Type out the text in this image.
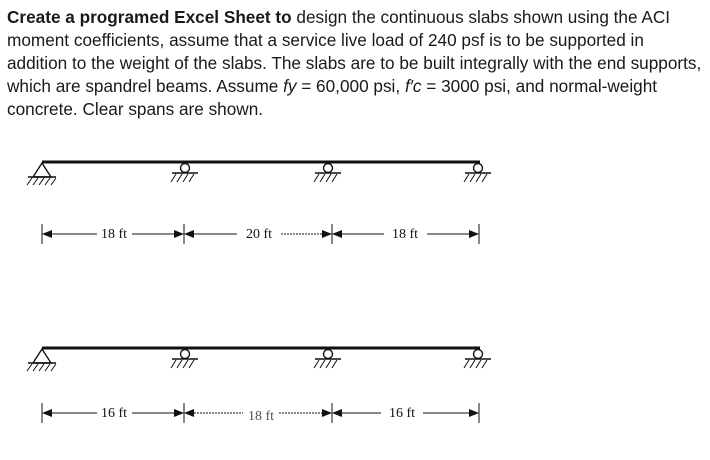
Create a programed Excel Sheet to design the continuous slabs shown using the ACI moment coefficients, assume that a service live load of 240 psf is to be supported in addition to the weight of the slabs. The slabs are to be built integrally with the end supports, which are spandrel beams. Assume fy = 60,000 psi, f′c = 3000 psi, and normal-weight concrete. Clear spans are shown.

18 ft	20 ft	18 ft
16 ft	18 ft	16 ft
